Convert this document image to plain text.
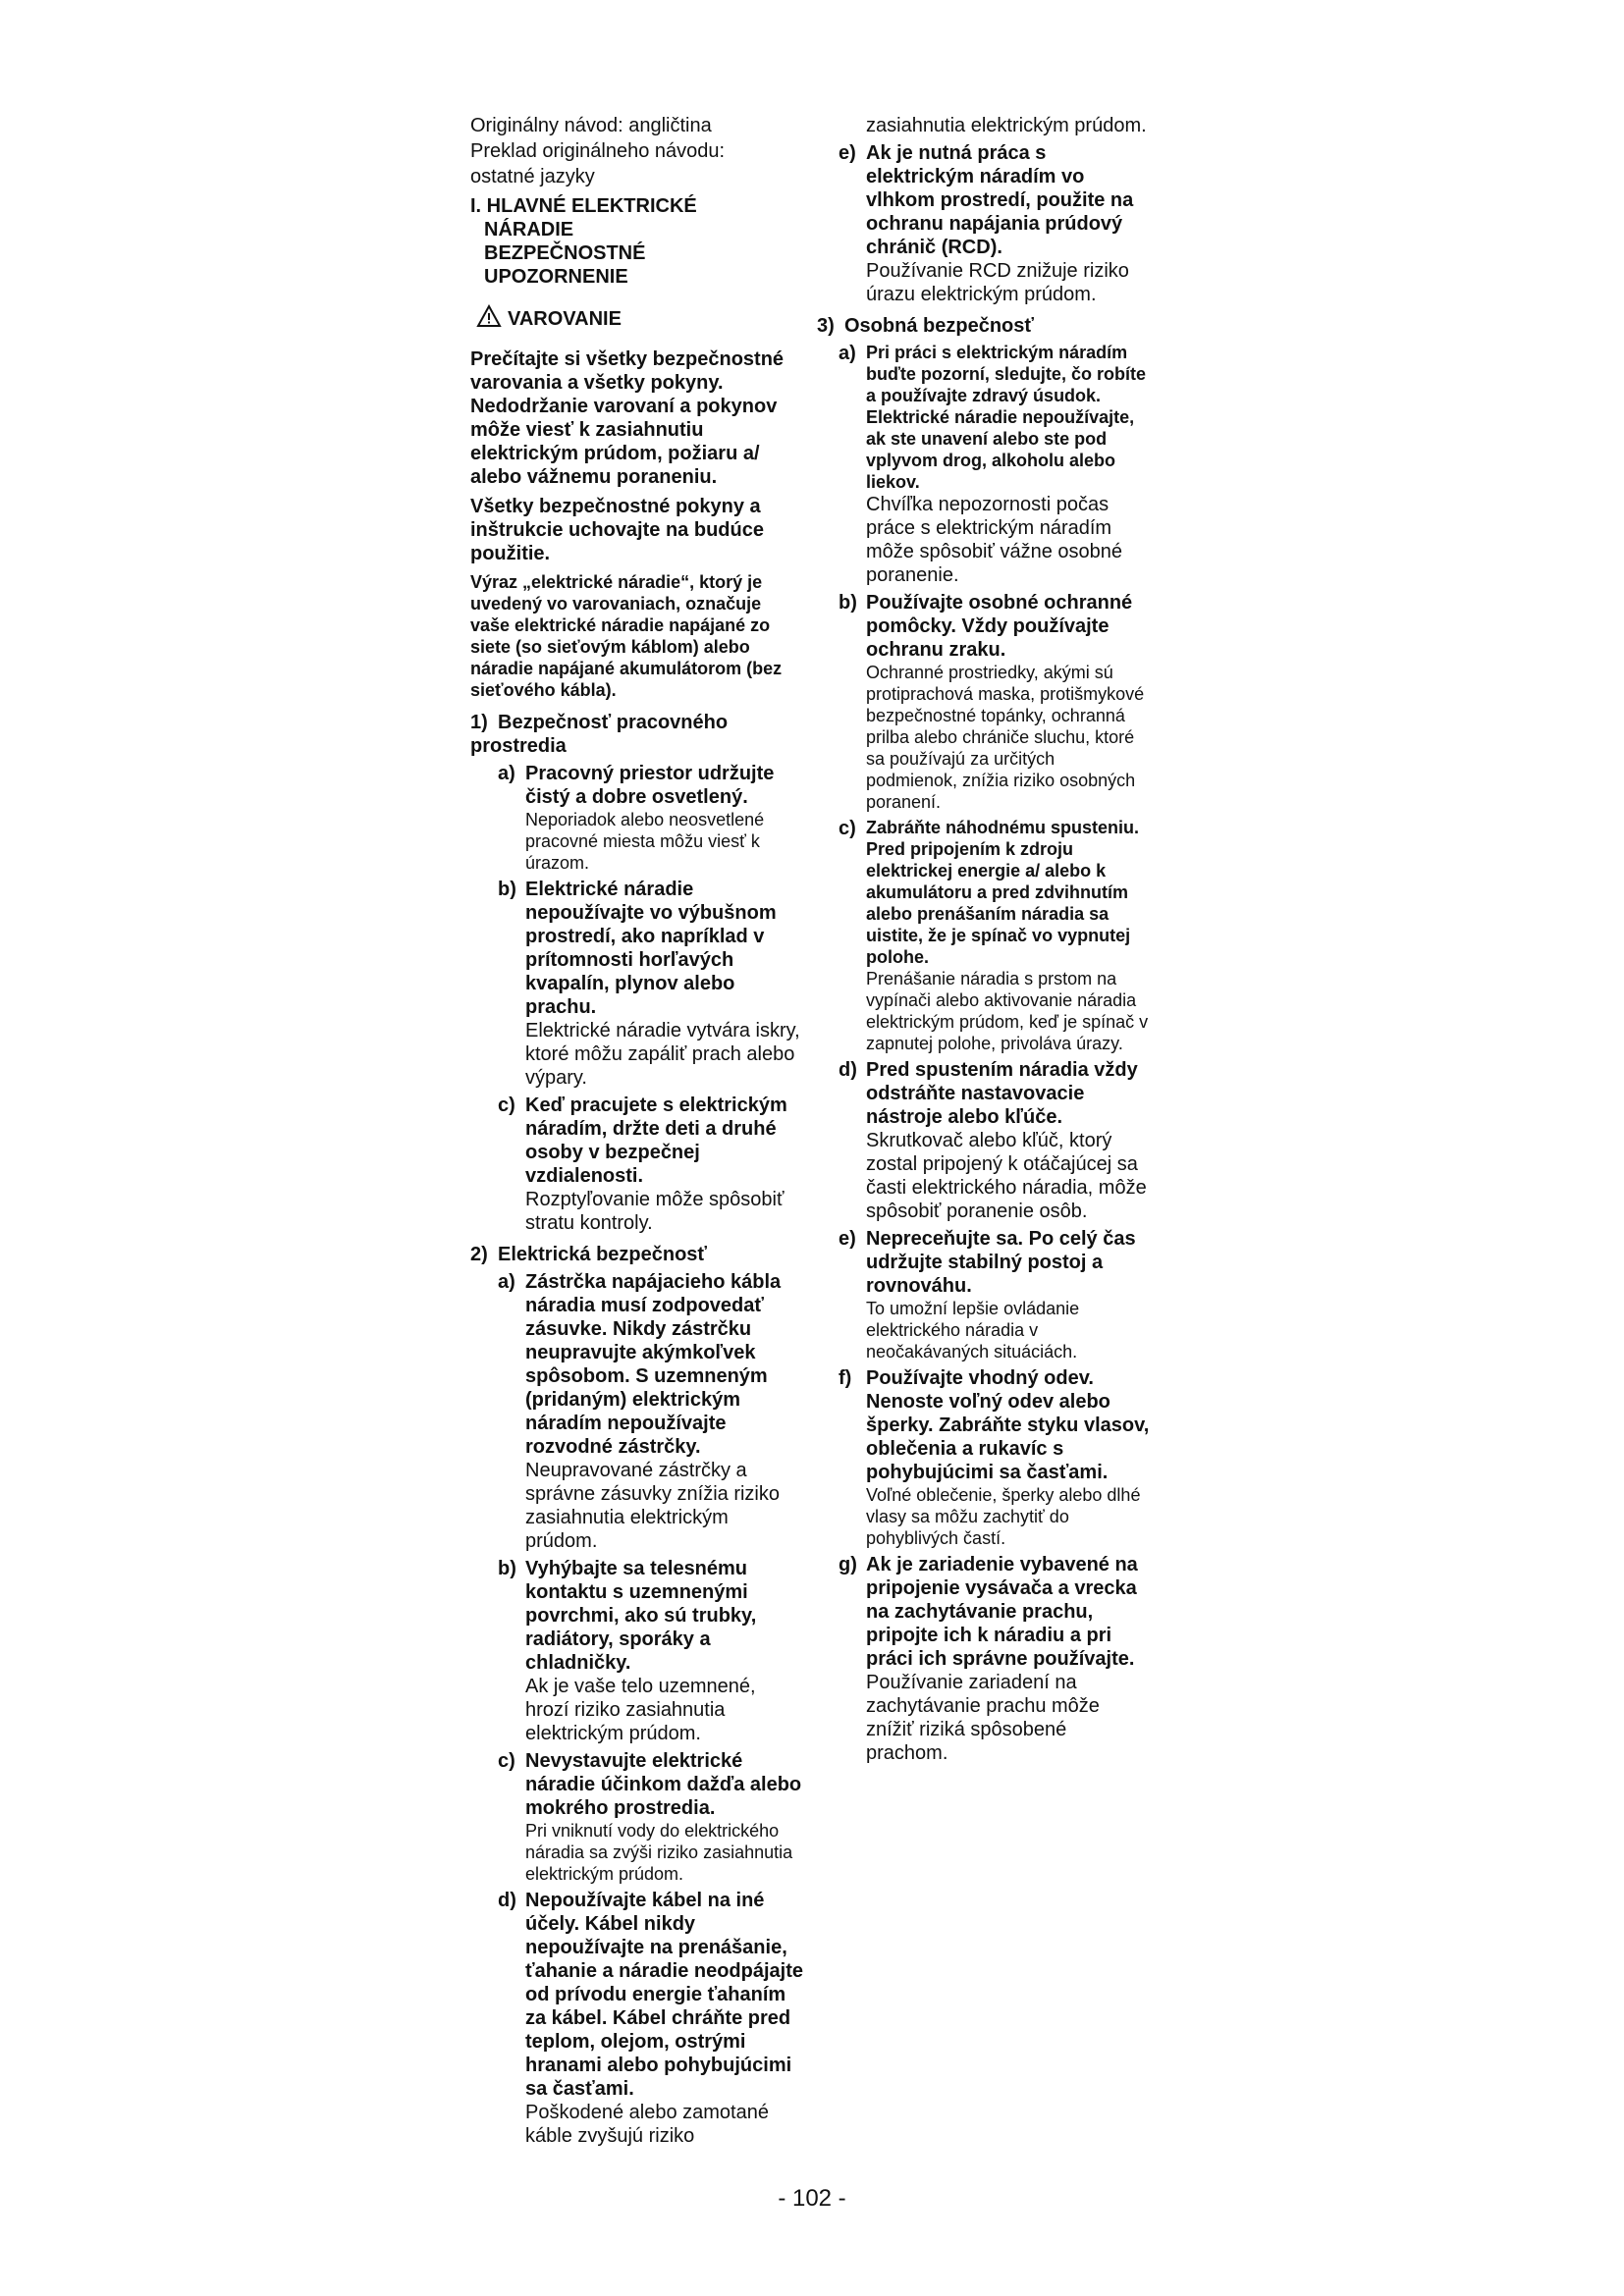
Originálny návod: angličtina
Preklad originálneho návodu:
ostatné jazyky
I. HLAVNÉ ELEKTRICKÉ
NÁRADIE
BEZPEČNOSTNÉ
UPOZORNENIE
VAROVANIE
Prečítajte si všetky bezpečnostné varovania a všetky pokyny. Nedodržanie varovaní a pokynov môže viesť k zasiahnutiu elektrickým prúdom, požiaru a/ alebo vážnemu poraneniu.
Všetky bezpečnostné pokyny a inštrukcie uchovajte na budúce použitie.
Výraz „elektrické náradie“, ktorý je uvedený vo varovaniach, označuje vaše elektrické náradie napájané zo siete (so sieťovým káblom) alebo náradie napájané akumulátorom (bez sieťového kábla).
1) Bezpečnosť pracovného prostredia
a) Pracovný priestor udržujte čistý a dobre osvetlený.
Neporiadok alebo neosvetlené pracovné miesta môžu viesť k úrazom.
b) Elektrické náradie nepoužívajte vo výbušnom prostredí, ako napríklad v prítomnosti horľavých kvapalín, plynov alebo prachu.
Elektrické náradie vytvára iskry, ktoré môžu zapáliť prach alebo výpary.
c) Keď pracujete s elektrickým náradím, držte deti a druhé osoby v bezpečnej vzdialenosti.
Rozptyľovanie môže spôsobiť stratu kontroly.
2) Elektrická bezpečnosť
a) Zástrčka napájacieho kábla náradia musí zodpovedať zásuvke. Nikdy zástrčku neupravujte akýmkoľvek spôsobom. S uzemneným (pridaným) elektrickým náradím nepoužívajte rozvodné zástrčky.
Neupravované zástrčky a správne zásuvky znížia riziko zasiahnutia elektrickým prúdom.
b) Vyhýbajte sa telesnému kontaktu s uzemnenými povrchmi, ako sú trubky, radiátory, sporáky a chladničky.
Ak je vaše telo uzemnené, hrozí riziko zasiahnutia elektrickým prúdom.
c) Nevystavujte elektrické náradie účinkom dažďa alebo mokrého prostredia.
Pri vniknutí vody do elektrického náradia sa zvýši riziko zasiahnutia elektrickým prúdom.
d) Nepoužívajte kábel na iné účely. Kábel nikdy nepoužívajte na prenášanie, ťahanie a náradie neodpájajte od prívodu energie ťahaním za kábel. Kábel chráňte pred teplom, olejom, ostrými hranami alebo pohybujúcimi sa časťami.
Poškodené alebo zamotané káble zvyšujú riziko
zasiahnutia elektrickým prúdom.
e) Ak je nutná práca s elektrickým náradím vo vlhkom prostredí, použite na ochranu napájania prúdový chránič (RCD).
Používanie RCD znižuje riziko úrazu elektrickým prúdom.
3) Osobná bezpečnosť
a) Pri práci s elektrickým náradím buďte pozorní, sledujte, čo robíte a používajte zdravý úsudok. Elektrické náradie nepoužívajte, ak ste unavení alebo ste pod vplyvom drog, alkoholu alebo liekov.
Chvíľka nepozornosti počas práce s elektrickým náradím môže spôsobiť vážne osobné poranenie.
b) Používajte osobné ochranné pomôcky. Vždy používajte ochranu zraku.
Ochranné prostriedky, akými sú protiprachová maska, protišmykové bezpečnostné topánky, ochranná prilba alebo chrániče sluchu, ktoré sa používajú za určitých podmienok, znížia riziko osobných poranení.
c) Zabráňte náhodnému spusteniu. Pred pripojením k zdroju elektrickej energie a/ alebo k akumulátoru a pred zdvihnutím alebo prenášaním náradia sa uistite, že je spínač vo vypnutej polohe.
Prenášanie náradia s prstom na vypínači alebo aktivovanie náradia elektrickým prúdom, keď je spínač v zapnutej polohe, privoláva úrazy.
d) Pred spustením náradia vždy odstráňte nastavovacie nástroje alebo kľúče.
Skrutkovač alebo kľúč, ktorý zostal pripojený k otáčajúcej sa časti elektrického náradia, môže spôsobiť poranenie osôb.
e) Nepreceňujte sa. Po celý čas udržujte stabilný postoj a rovnováhu.
To umožní lepšie ovládanie elektrického náradia v neočakávaných situáciách.
f) Používajte vhodný odev. Nenoste voľný odev alebo šperky. Zabráňte styku vlasov, oblečenia a rukavíc s pohybujúcimi sa časťami.
Voľné oblečenie, šperky alebo dlhé vlasy sa môžu zachytiť do pohyblivých častí.
g) Ak je zariadenie vybavené na pripojenie vysávača a vrecka na zachytávanie prachu, pripojte ich k náradiu a pri práci ich správne používajte.
Používanie zariadení na zachytávanie prachu môže znížiť riziká spôsobené prachom.
- 102 -
